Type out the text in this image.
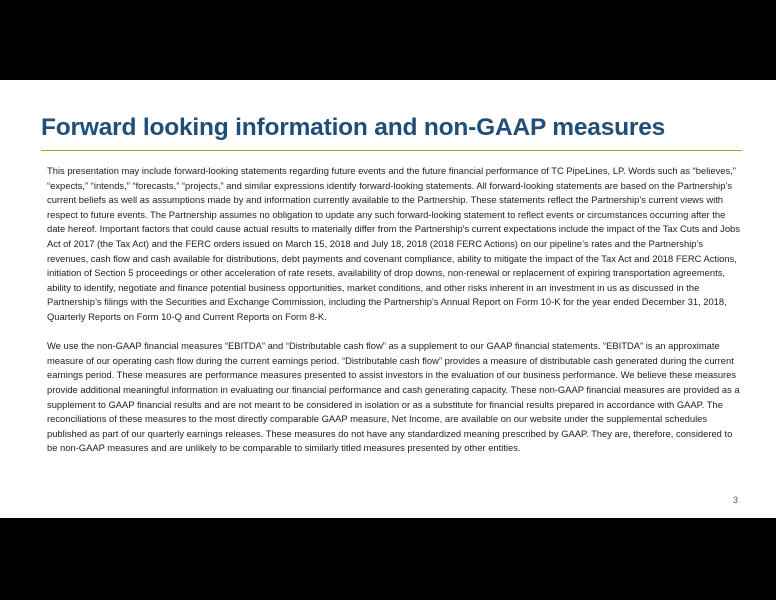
Forward looking information and non-GAAP measures

This presentation may include forward-looking statements regarding future events and the future financial performance of TC PipeLines, LP. Words such as “believes,” “expects,” “intends,” “forecasts,” “projects,” and similar expressions identify forward-looking statements. All forward-looking statements are based on the Partnership’s current beliefs as well as assumptions made by and information currently available to the Partnership. These statements reflect the Partnership’s current views with respect to future events. The Partnership assumes no obligation to update any such forward-looking statement to reflect events or circumstances occurring after the date hereof. Important factors that could cause actual results to materially differ from the Partnership's current expectations include the impact of the Tax Cuts and Jobs Act of 2017 (the Tax Act) and the FERC orders issued on March 15, 2018 and July 18, 2018 (2018 FERC Actions) on our pipeline’s rates and the Partnership’s revenues, cash flow and cash available for distributions, debt payments and covenant compliance, ability to mitigate the impact of the Tax Act and 2018 FERC Actions, initiation of Section 5 proceedings or other acceleration of rate resets, availability of drop downs, non-renewal or replacement of expiring transportation agreements, ability to identify, negotiate and finance potential business opportunities, market conditions, and other risks inherent in an investment in us as discussed in the Partnership’s filings with the Securities and Exchange Commission, including the Partnership’s Annual Report on Form 10-K for the year ended December 31, 2018, Quarterly Reports on Form 10-Q and Current Reports on Form 8-K.

We use the non-GAAP financial measures “EBITDA” and “Distributable cash flow” as a supplement to our GAAP financial statements. “EBITDA” is an approximate measure of our operating cash flow during the current earnings period. “Distributable cash flow” provides a measure of distributable cash generated during the current earnings period. These measures are performance measures presented to assist investors in the evaluation of our business performance. We believe these measures provide additional meaningful information in evaluating our financial performance and cash generating capacity. These non-GAAP financial measures are provided as a supplement to GAAP financial results and are not meant to be considered in isolation or as a substitute for financial results prepared in accordance with GAAP. The reconciliations of these measures to the most directly comparable GAAP measure, Net Income, are available on our website under the supplemental schedules published as part of our quarterly earnings releases. These measures do not have any standardized meaning prescribed by GAAP. They are, therefore, considered to be non-GAAP measures and are unlikely to be comparable to similarly titled measures presented by other entities.

3
